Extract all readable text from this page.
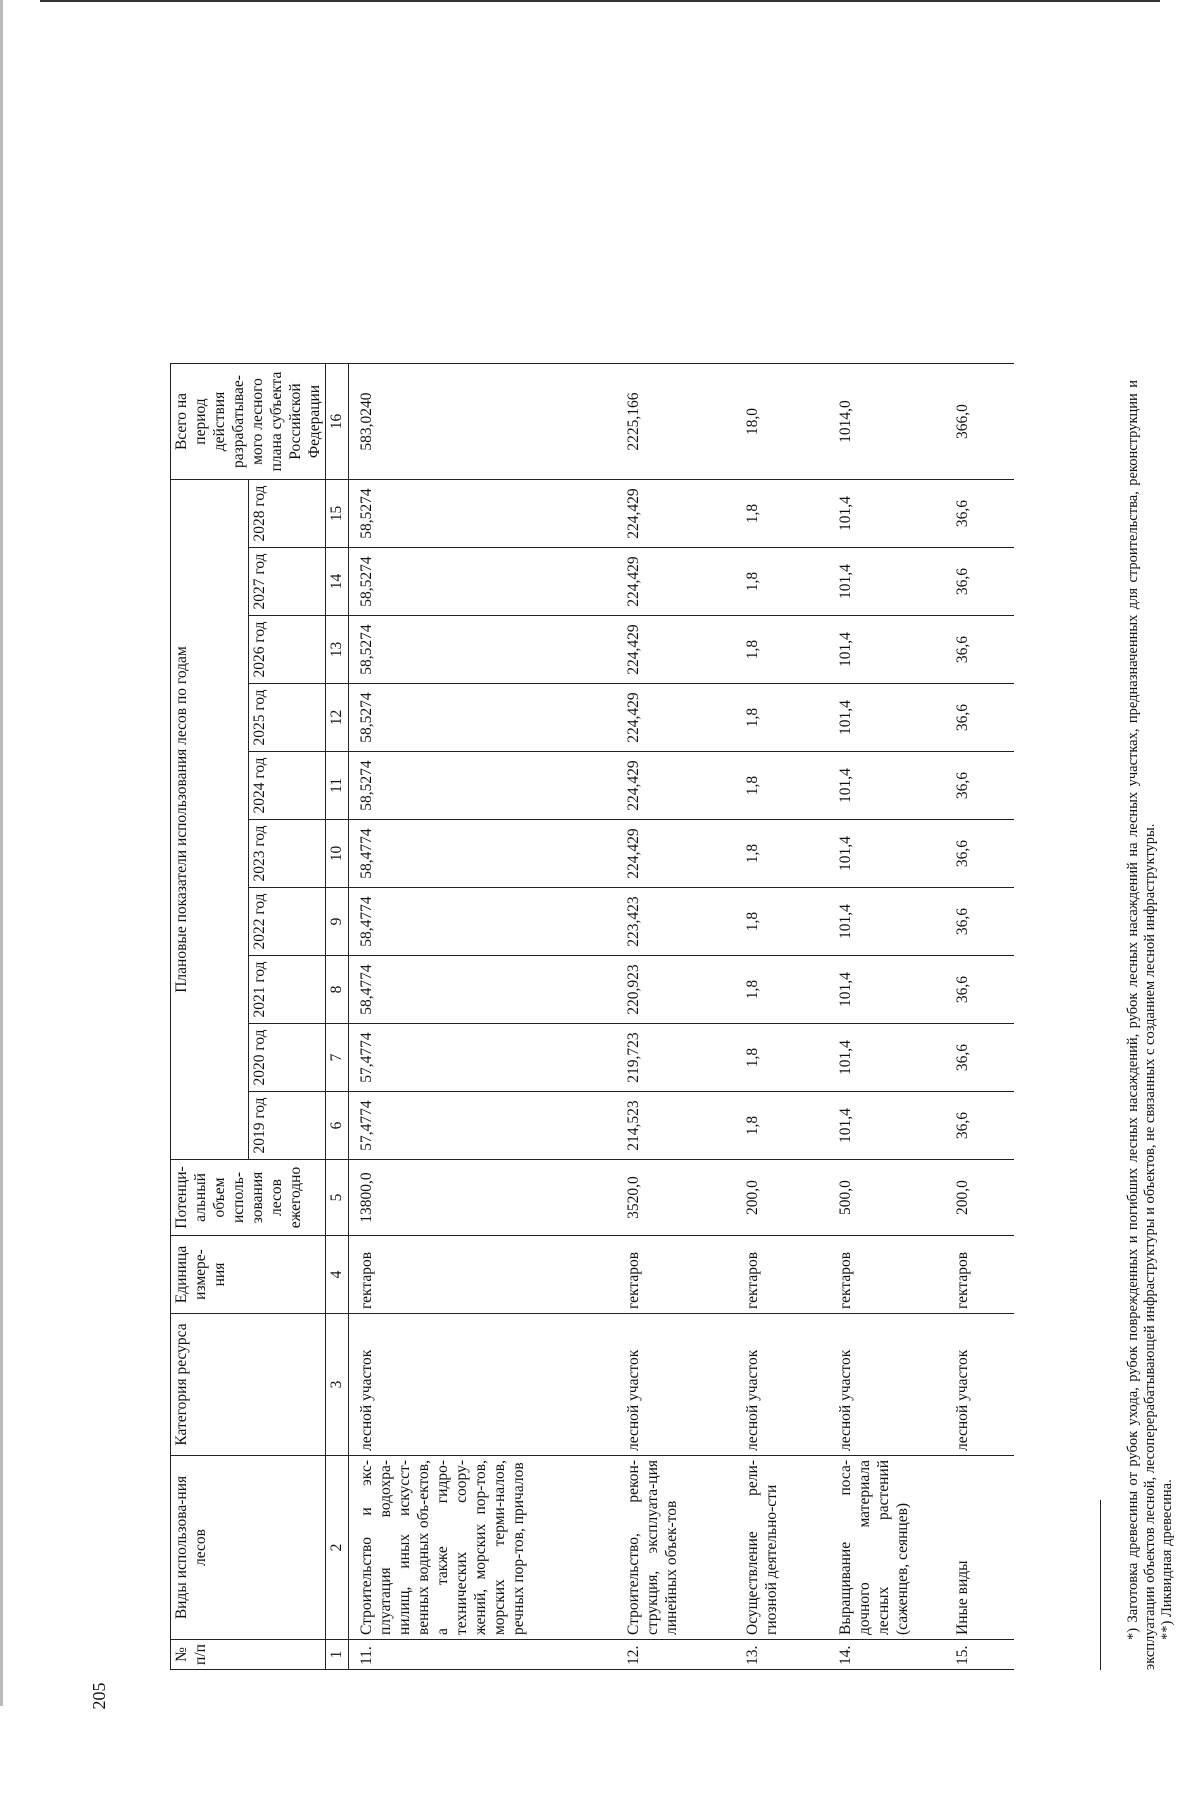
205
№ п/п	Виды использова-ния лесов	Категория ресурса	Единица измере-ния	Потенци-альный объем исполь-зования лесов ежегодно	Плановые показатели использования лесов по годам										Всего на период действия разрабатывае-мого лесного плана субъекта Российской Федерации
					2019 год	2020 год	2021 год	2022 год	2023 год	2024 год	2025 год	2026 год	2027 год	2028 год	
1	2	3	4	5	6	7	8	9	10	11	12	13	14	15	16
11.	Строительство и экс-плуатация водохра-нилищ, иных искусст-венных водных объ-ектов, а также гидро-технических соору-жений, морских пор-тов, морских терми-налов, речных пор-тов, причалов	лесной участок	гектаров	13800,0	57,4774	57,4774	58,4774	58,4774	58,4774	58,5274	58,5274	58,5274	58,5274	58,5274	583,0240
12.	Строительство, рекон-струкция, эксплуата-ция линейных объек-тов	лесной участок	гектаров	3520,0	214,523	219,723	220,923	223,423	224,429	224,429	224,429	224,429	224,429	224,429	2225,166
13.	Осуществление рели-гиозной деятельно-сти	лесной участок	гектаров	200,0	1,8	1,8	1,8	1,8	1,8	1,8	1,8	1,8	1,8	1,8	18,0
14.	Выращивание поса-дочного материала лесных растений (саженцев, сеянцев)	лесной участок	гектаров	500,0	101,4	101,4	101,4	101,4	101,4	101,4	101,4	101,4	101,4	101,4	1014,0
15.	Иные виды	лесной участок	гектаров	200,0	36,6	36,6	36,6	36,6	36,6	36,6	36,6	36,6	36,6	36,6	366,0	*) Заготовка древесины от рубок ухода, рубок поврежденных и погибших лесных насаждений, рубок лесных насаждений на лесных участках, предназначенных для строительства, реконструкции и эксплуатации объектов лесной, лесоперерабатывающей инфраструктуры и объектов, не связанных с созданием лесной инфраструктуры. **) Ликвидная древесина.
